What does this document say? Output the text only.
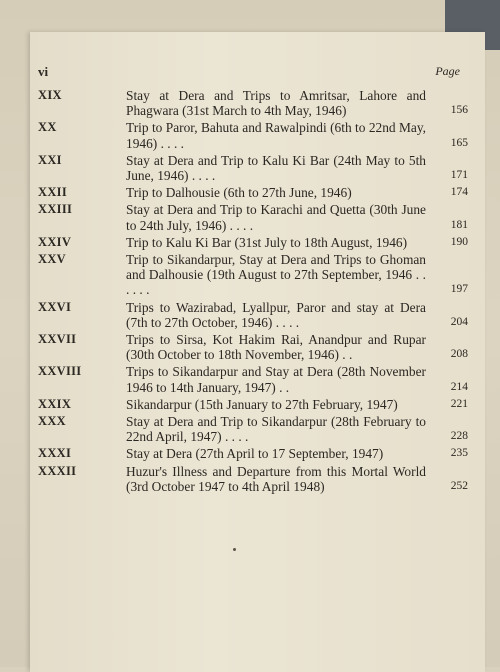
vi	Page
XIX	Stay at Dera and Trips to Amritsar, Lahore and Phagwara (31st March to 4th May, 1946)	156
XX	Trip to Paror, Bahuta and Rawalpindi (6th to 22nd May, 1946) . . . .	165
XXI	Stay at Dera and Trip to Kalu Ki Bar (24th May to 5th June, 1946) . . . .	171
XXII	Trip to Dalhousie (6th to 27th June, 1946)	174
XXIII	Stay at Dera and Trip to Karachi and Quetta (30th June to 24th July, 1946) . . . .	181
XXIV	Trip to Kalu Ki Bar (31st July to 18th August, 1946)	190
XXV	Trip to Sikandarpur, Stay at Dera and Trips to Ghoman and Dalhousie (19th August to 27th September, 1946 . . . . . .	197
XXVI	Trips to Wazirabad, Lyallpur, Paror and stay at Dera (7th to 27th October, 1946) . . . .	204
XXVII	Trips to Sirsa, Kot Hakim Rai, Anandpur and Rupar (30th October to 18th November, 1946) . .	208
XXVIII	Trips to Sikandarpur and Stay at Dera (28th November 1946 to 14th January, 1947) . .	214
XXIX	Sikandarpur (15th January to 27th February, 1947)	221
XXX	Stay at Dera and Trip to Sikandarpur (28th February to 22nd April, 1947) . . . .	228
XXXI	Stay at Dera (27th April to 17 September, 1947)	235
XXXII	Huzur's Illness and Departure from this Mortal World (3rd October 1947 to 4th April 1948)	252
